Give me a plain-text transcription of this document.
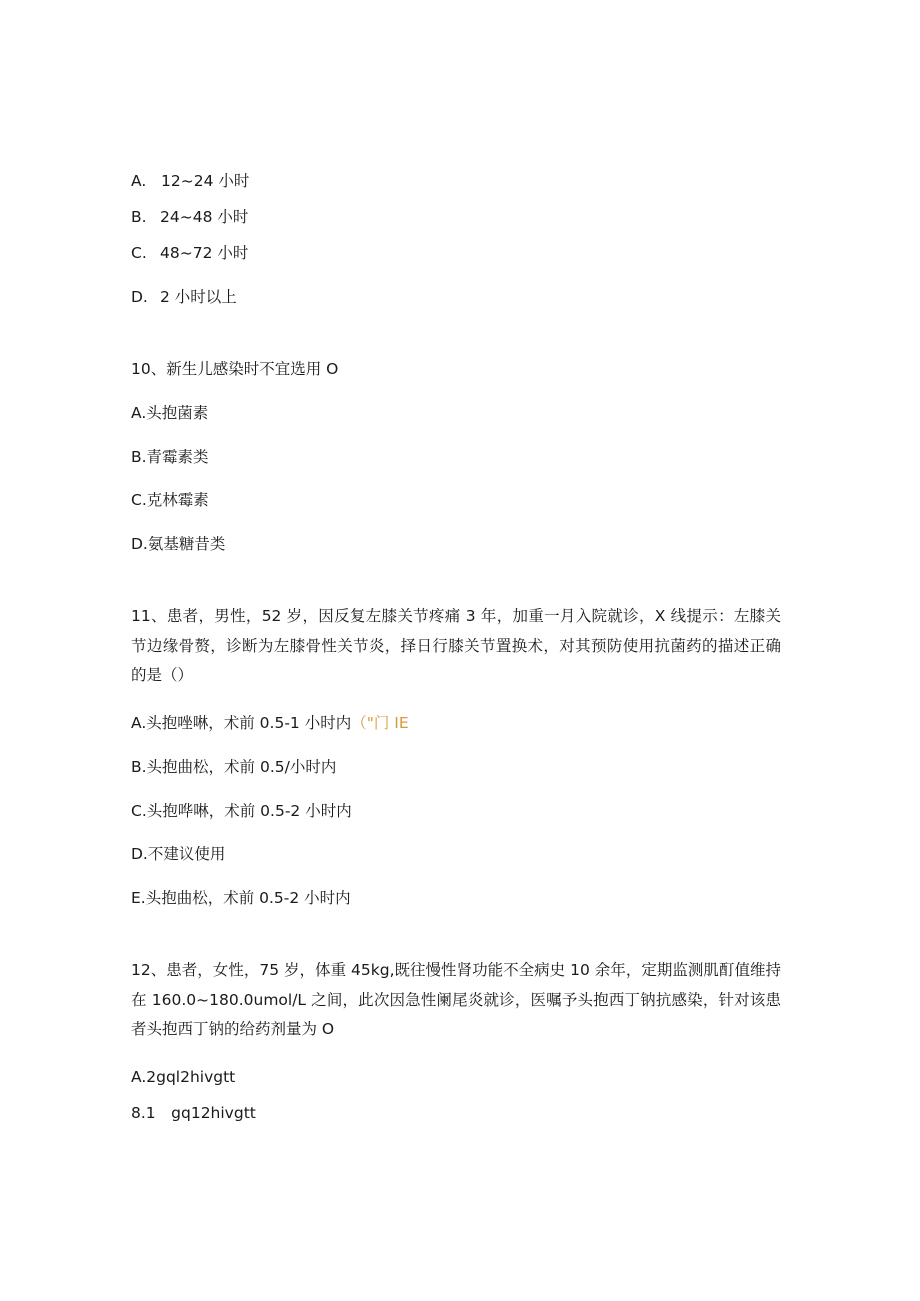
A. 12~24 小时
B. 24~48 小时
C. 48~72 小时
D. 2 小时以上
10、新生儿感染时不宜选用 O
A.头抱菌素
B.青霉素类
C.克林霉素
D.氨基糖昔类
11、患者，男性，52 岁，因反复左膝关节疼痛 3 年，加重一月入院就诊，X 线提示：左膝关节边缘骨赘，诊断为左膝骨性关节炎，择日行膝关节置换术，对其预防使用抗菌药的描述正确的是（）
A.头抱唑啉，术前 0.5-1 小时内（"门 IE
B.头抱曲松，术前 0.5/小时内
C.头抱哗啉，术前 0.5-2 小时内
D.不建议使用
E.头抱曲松，术前 0.5-2 小时内
12、患者，女性，75 岁，体重 45kg,既往慢性肾功能不全病史 10 余年，定期监测肌酊值维持在 160.0~180.0umol∕L 之间，此次因急性阑尾炎就诊，医嘱予头抱西丁钠抗感染，针对该患者头抱西丁钠的给药剂量为 O
A.2gql2hivgtt
8.1　gq12hivgtt
